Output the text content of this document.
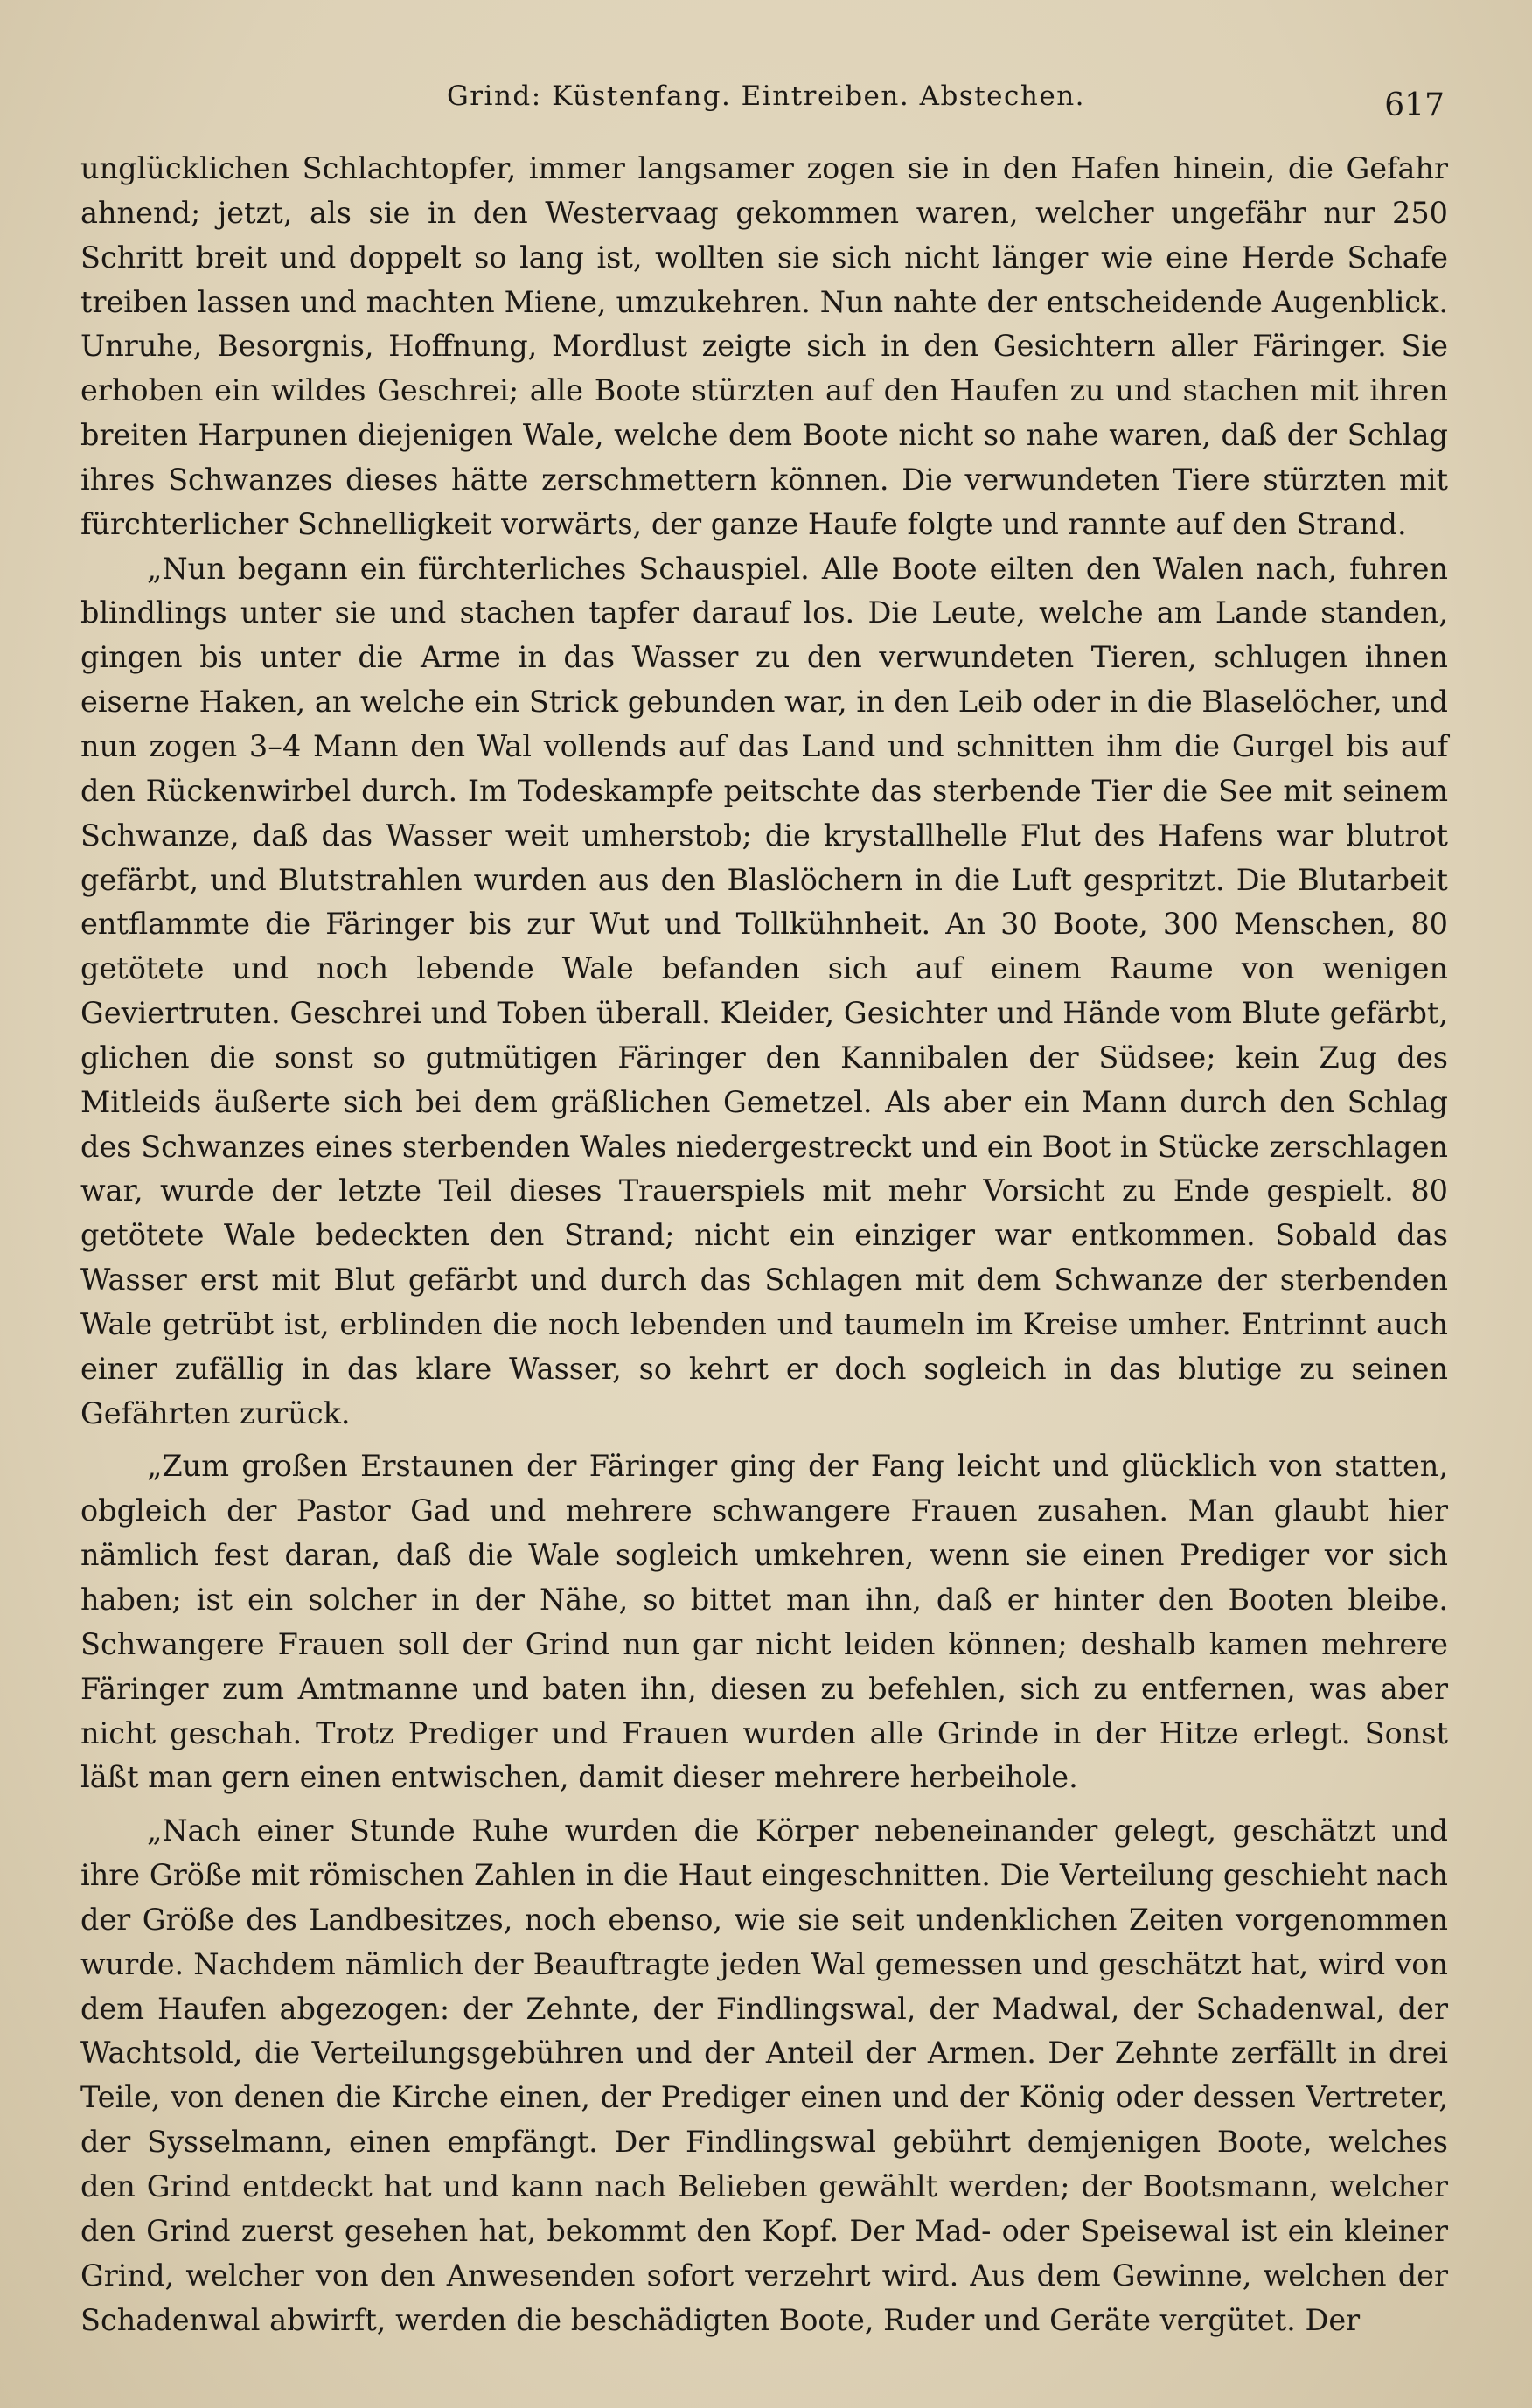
Grind: Küstenfang. Eintreiben. Abstechen.	617

unglücklichen Schlachtopfer, immer langsamer zogen sie in den Hafen hinein, die Gefahr ahnend; jetzt, als sie in den Westervaag gekommen waren, welcher ungefähr nur 250 Schritt breit und doppelt so lang ist, wollten sie sich nicht länger wie eine Herde Schafe treiben lassen und machten Miene, umzukehren. Nun nahte der entscheidende Augenblick. Unruhe, Besorgnis, Hoffnung, Mordlust zeigte sich in den Gesichtern aller Färinger. Sie erhoben ein wildes Geschrei; alle Boote stürzten auf den Haufen zu und stachen mit ihren breiten Harpunen diejenigen Wale, welche dem Boote nicht so nahe waren, daß der Schlag ihres Schwanzes dieses hätte zerschmettern können. Die verwundeten Tiere stürzten mit fürchterlicher Schnelligkeit vorwärts, der ganze Haufe folgte und rannte auf den Strand.

„Nun begann ein fürchterliches Schauspiel. Alle Boote eilten den Walen nach, fuhren blindlings unter sie und stachen tapfer darauf los. Die Leute, welche am Lande standen, gingen bis unter die Arme in das Wasser zu den verwundeten Tieren, schlugen ihnen eiserne Haken, an welche ein Strick gebunden war, in den Leib oder in die Blaselöcher, und nun zogen 3–4 Mann den Wal vollends auf das Land und schnitten ihm die Gurgel bis auf den Rückenwirbel durch. Im Todeskampfe peitschte das sterbende Tier die See mit seinem Schwanze, daß das Wasser weit umherstob; die krystallhelle Flut des Hafens war blutrot gefärbt, und Blutstrahlen wurden aus den Blaslöchern in die Luft gespritzt. Die Blutarbeit entflammte die Färinger bis zur Wut und Tollkühnheit. An 30 Boote, 300 Menschen, 80 getötete und noch lebende Wale befanden sich auf einem Raume von wenigen Geviertruten. Geschrei und Toben überall. Kleider, Gesichter und Hände vom Blute gefärbt, glichen die sonst so gutmütigen Färinger den Kannibalen der Südsee; kein Zug des Mitleids äußerte sich bei dem gräßlichen Gemetzel. Als aber ein Mann durch den Schlag des Schwanzes eines sterbenden Wales niedergestreckt und ein Boot in Stücke zerschlagen war, wurde der letzte Teil dieses Trauerspiels mit mehr Vorsicht zu Ende gespielt. 80 getötete Wale bedeckten den Strand; nicht ein einziger war entkommen. Sobald das Wasser erst mit Blut gefärbt und durch das Schlagen mit dem Schwanze der sterbenden Wale getrübt ist, erblinden die noch lebenden und taumeln im Kreise umher. Entrinnt auch einer zufällig in das klare Wasser, so kehrt er doch sogleich in das blutige zu seinen Gefährten zurück.

„Zum großen Erstaunen der Färinger ging der Fang leicht und glücklich von statten, obgleich der Pastor Gad und mehrere schwangere Frauen zusahen. Man glaubt hier nämlich fest daran, daß die Wale sogleich umkehren, wenn sie einen Prediger vor sich haben; ist ein solcher in der Nähe, so bittet man ihn, daß er hinter den Booten bleibe. Schwangere Frauen soll der Grind nun gar nicht leiden können; deshalb kamen mehrere Färinger zum Amtmanne und baten ihn, diesen zu befehlen, sich zu entfernen, was aber nicht geschah. Trotz Prediger und Frauen wurden alle Grinde in der Hitze erlegt. Sonst läßt man gern einen entwischen, damit dieser mehrere herbeihole.

„Nach einer Stunde Ruhe wurden die Körper nebeneinander gelegt, geschätzt und ihre Größe mit römischen Zahlen in die Haut eingeschnitten. Die Verteilung geschieht nach der Größe des Landbesitzes, noch ebenso, wie sie seit undenklichen Zeiten vorgenommen wurde. Nachdem nämlich der Beauftragte jeden Wal gemessen und geschätzt hat, wird von dem Haufen abgezogen: der Zehnte, der Findlingswal, der Madwal, der Schadenwal, der Wachtsold, die Verteilungsgebühren und der Anteil der Armen. Der Zehnte zerfällt in drei Teile, von denen die Kirche einen, der Prediger einen und der König oder dessen Vertreter, der Sysselmann, einen empfängt. Der Findlingswal gebührt demjenigen Boote, welches den Grind entdeckt hat und kann nach Belieben gewählt werden; der Bootsmann, welcher den Grind zuerst gesehen hat, bekommt den Kopf. Der Mad- oder Speisewal ist ein kleiner Grind, welcher von den Anwesenden sofort verzehrt wird. Aus dem Gewinne, welchen der Schadenwal abwirft, werden die beschädigten Boote, Ruder und Geräte vergütet. Der
